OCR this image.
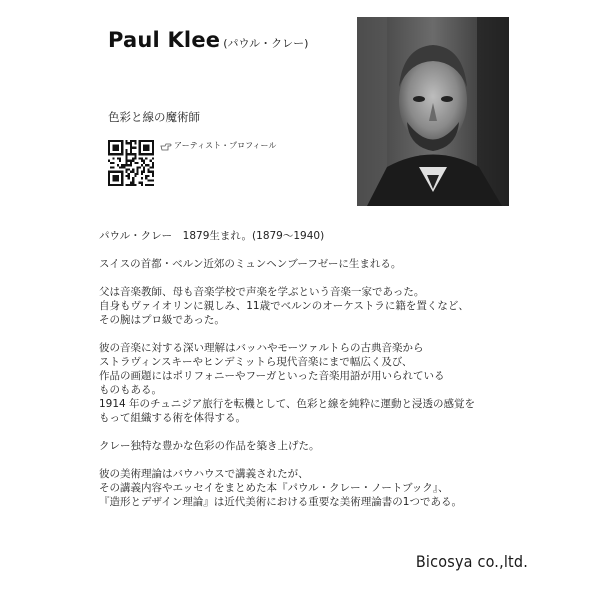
Paul Klee (パウル・クレー)
色彩と線の魔術師
アーティスト・プロフィール

パウル・クレー　1879生まれ。(1879〜1940)

スイスの首都・ベルン近郊のミュンヘンブーフゼーに生まれる。

父は音楽教師、母も音楽学校で声楽を学ぶという音楽一家であった。
自身もヴァイオリンに親しみ、11歳でベルンのオーケストラに籍を置くなど、
その腕はプロ級であった。

彼の音楽に対する深い理解はバッハやモーツァルトらの古典音楽から
ストラヴィンスキーやヒンデミットら現代音楽にまで幅広く及び、
作品の画題にはポリフォニーやフーガといった音楽用語が用いられている
ものもある。
1914 年のチュニジア旅行を転機として、色彩と線を純粋に運動と浸透の感覚を
もって組織する術を体得する。

クレー独特な豊かな色彩の作品を築き上げた。

彼の美術理論はバウハウスで講義されたが、
その講義内容やエッセイをまとめた本『パウル・クレー・ノートブック』、
『造形とデザイン理論』は近代美術における重要な美術理論書の1つである。

Bicosya co.,ltd.
